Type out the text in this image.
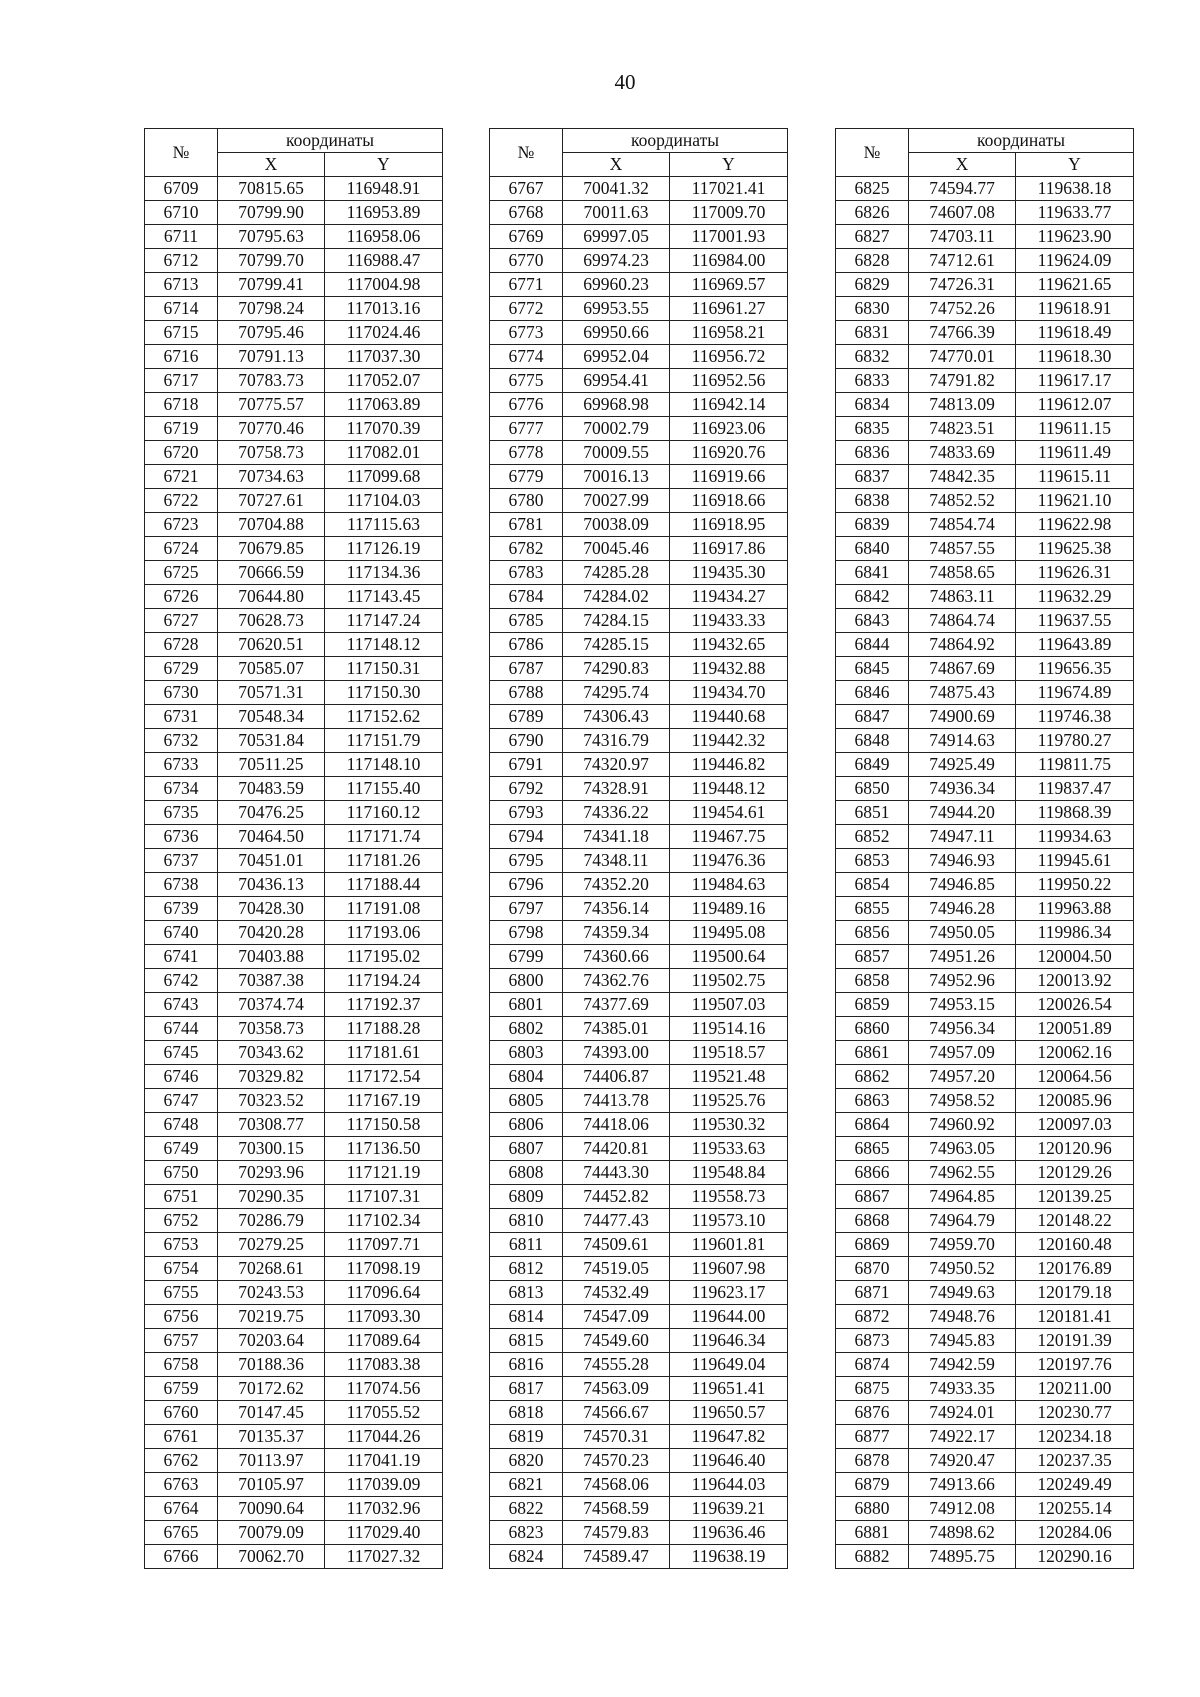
40
№	координаты	
	X	Y
6709	70815.65	116948.91
6710	70799.90	116953.89
6711	70795.63	116958.06
6712	70799.70	116988.47
6713	70799.41	117004.98
6714	70798.24	117013.16
6715	70795.46	117024.46
6716	70791.13	117037.30
6717	70783.73	117052.07
6718	70775.57	117063.89
6719	70770.46	117070.39
6720	70758.73	117082.01
6721	70734.63	117099.68
6722	70727.61	117104.03
6723	70704.88	117115.63
6724	70679.85	117126.19
6725	70666.59	117134.36
6726	70644.80	117143.45
6727	70628.73	117147.24
6728	70620.51	117148.12
6729	70585.07	117150.31
6730	70571.31	117150.30
6731	70548.34	117152.62
6732	70531.84	117151.79
6733	70511.25	117148.10
6734	70483.59	117155.40
6735	70476.25	117160.12
6736	70464.50	117171.74
6737	70451.01	117181.26
6738	70436.13	117188.44
6739	70428.30	117191.08
6740	70420.28	117193.06
6741	70403.88	117195.02
6742	70387.38	117194.24
6743	70374.74	117192.37
6744	70358.73	117188.28
6745	70343.62	117181.61
6746	70329.82	117172.54
6747	70323.52	117167.19
6748	70308.77	117150.58
6749	70300.15	117136.50
6750	70293.96	117121.19
6751	70290.35	117107.31
6752	70286.79	117102.34
6753	70279.25	117097.71
6754	70268.61	117098.19
6755	70243.53	117096.64
6756	70219.75	117093.30
6757	70203.64	117089.64
6758	70188.36	117083.38
6759	70172.62	117074.56
6760	70147.45	117055.52
6761	70135.37	117044.26
6762	70113.97	117041.19
6763	70105.97	117039.09
6764	70090.64	117032.96
6765	70079.09	117029.40
6766	70062.70	117027.32
№	координаты	
	X	Y
6767	70041.32	117021.41
6768	70011.63	117009.70
6769	69997.05	117001.93
6770	69974.23	116984.00
6771	69960.23	116969.57
6772	69953.55	116961.27
6773	69950.66	116958.21
6774	69952.04	116956.72
6775	69954.41	116952.56
6776	69968.98	116942.14
6777	70002.79	116923.06
6778	70009.55	116920.76
6779	70016.13	116919.66
6780	70027.99	116918.66
6781	70038.09	116918.95
6782	70045.46	116917.86
6783	74285.28	119435.30
6784	74284.02	119434.27
6785	74284.15	119433.33
6786	74285.15	119432.65
6787	74290.83	119432.88
6788	74295.74	119434.70
6789	74306.43	119440.68
6790	74316.79	119442.32
6791	74320.97	119446.82
6792	74328.91	119448.12
6793	74336.22	119454.61
6794	74341.18	119467.75
6795	74348.11	119476.36
6796	74352.20	119484.63
6797	74356.14	119489.16
6798	74359.34	119495.08
6799	74360.66	119500.64
6800	74362.76	119502.75
6801	74377.69	119507.03
6802	74385.01	119514.16
6803	74393.00	119518.57
6804	74406.87	119521.48
6805	74413.78	119525.76
6806	74418.06	119530.32
6807	74420.81	119533.63
6808	74443.30	119548.84
6809	74452.82	119558.73
6810	74477.43	119573.10
6811	74509.61	119601.81
6812	74519.05	119607.98
6813	74532.49	119623.17
6814	74547.09	119644.00
6815	74549.60	119646.34
6816	74555.28	119649.04
6817	74563.09	119651.41
6818	74566.67	119650.57
6819	74570.31	119647.82
6820	74570.23	119646.40
6821	74568.06	119644.03
6822	74568.59	119639.21
6823	74579.83	119636.46
6824	74589.47	119638.19
№	координаты	
	X	Y
6825	74594.77	119638.18
6826	74607.08	119633.77
6827	74703.11	119623.90
6828	74712.61	119624.09
6829	74726.31	119621.65
6830	74752.26	119618.91
6831	74766.39	119618.49
6832	74770.01	119618.30
6833	74791.82	119617.17
6834	74813.09	119612.07
6835	74823.51	119611.15
6836	74833.69	119611.49
6837	74842.35	119615.11
6838	74852.52	119621.10
6839	74854.74	119622.98
6840	74857.55	119625.38
6841	74858.65	119626.31
6842	74863.11	119632.29
6843	74864.74	119637.55
6844	74864.92	119643.89
6845	74867.69	119656.35
6846	74875.43	119674.89
6847	74900.69	119746.38
6848	74914.63	119780.27
6849	74925.49	119811.75
6850	74936.34	119837.47
6851	74944.20	119868.39
6852	74947.11	119934.63
6853	74946.93	119945.61
6854	74946.85	119950.22
6855	74946.28	119963.88
6856	74950.05	119986.34
6857	74951.26	120004.50
6858	74952.96	120013.92
6859	74953.15	120026.54
6860	74956.34	120051.89
6861	74957.09	120062.16
6862	74957.20	120064.56
6863	74958.52	120085.96
6864	74960.92	120097.03
6865	74963.05	120120.96
6866	74962.55	120129.26
6867	74964.85	120139.25
6868	74964.79	120148.22
6869	74959.70	120160.48
6870	74950.52	120176.89
6871	74949.63	120179.18
6872	74948.76	120181.41
6873	74945.83	120191.39
6874	74942.59	120197.76
6875	74933.35	120211.00
6876	74924.01	120230.77
6877	74922.17	120234.18
6878	74920.47	120237.35
6879	74913.66	120249.49
6880	74912.08	120255.14
6881	74898.62	120284.06
6882	74895.75	120290.16
